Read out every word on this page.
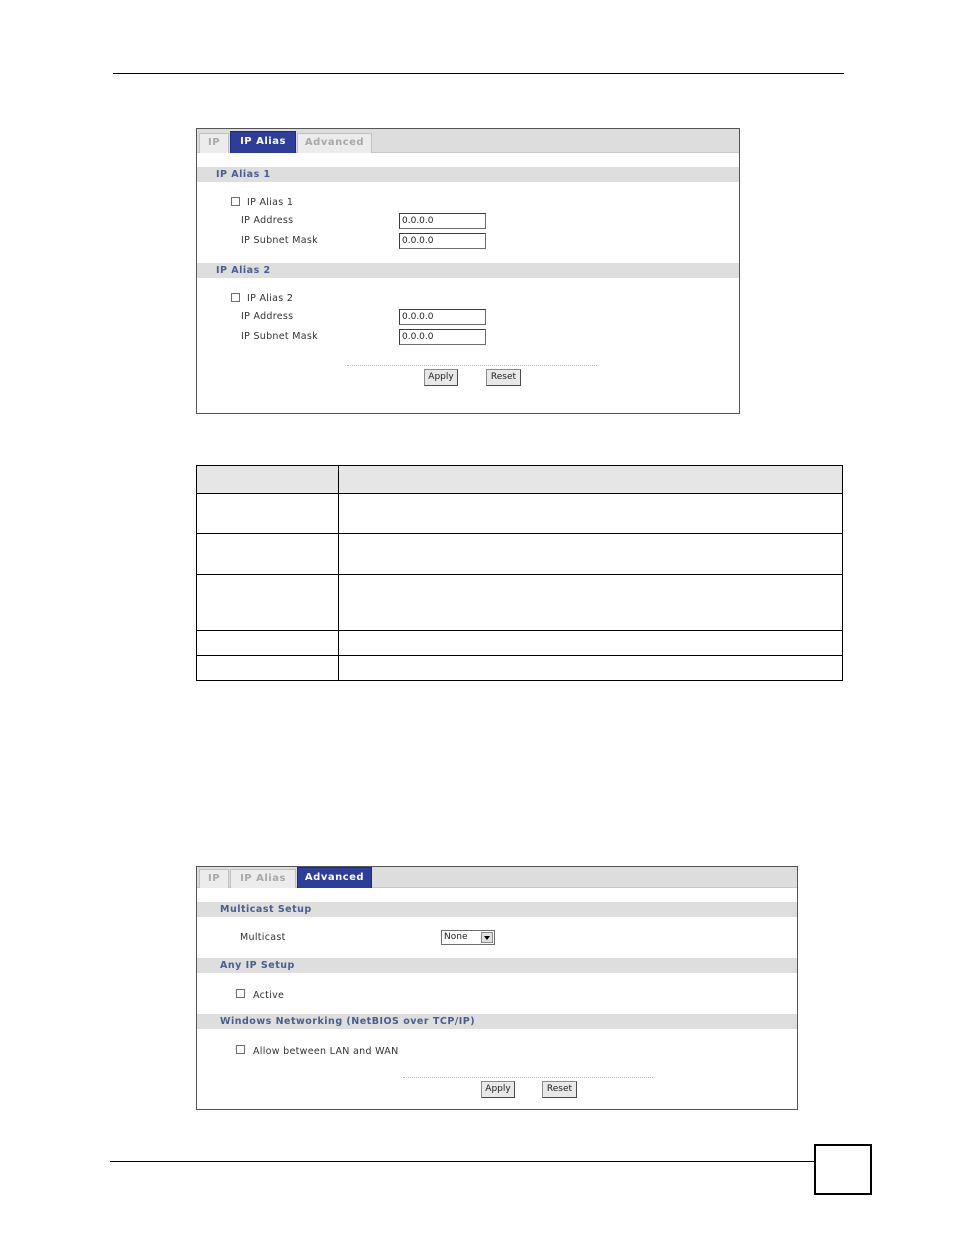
IP	IP Alias	Advanced
IP Alias 1
IP Alias 1
IP Address	0.0.0.0
IP Subnet Mask	0.0.0.0
IP Alias 2
IP Alias 2
IP Address	0.0.0.0
IP Subnet Mask	0.0.0.0
Apply	Reset

IP	IP Alias	Advanced
Multicast Setup
Multicast	None
Any IP Setup
Active
Windows Networking (NetBIOS over TCP/IP)
Allow between LAN and WAN
Apply	Reset
